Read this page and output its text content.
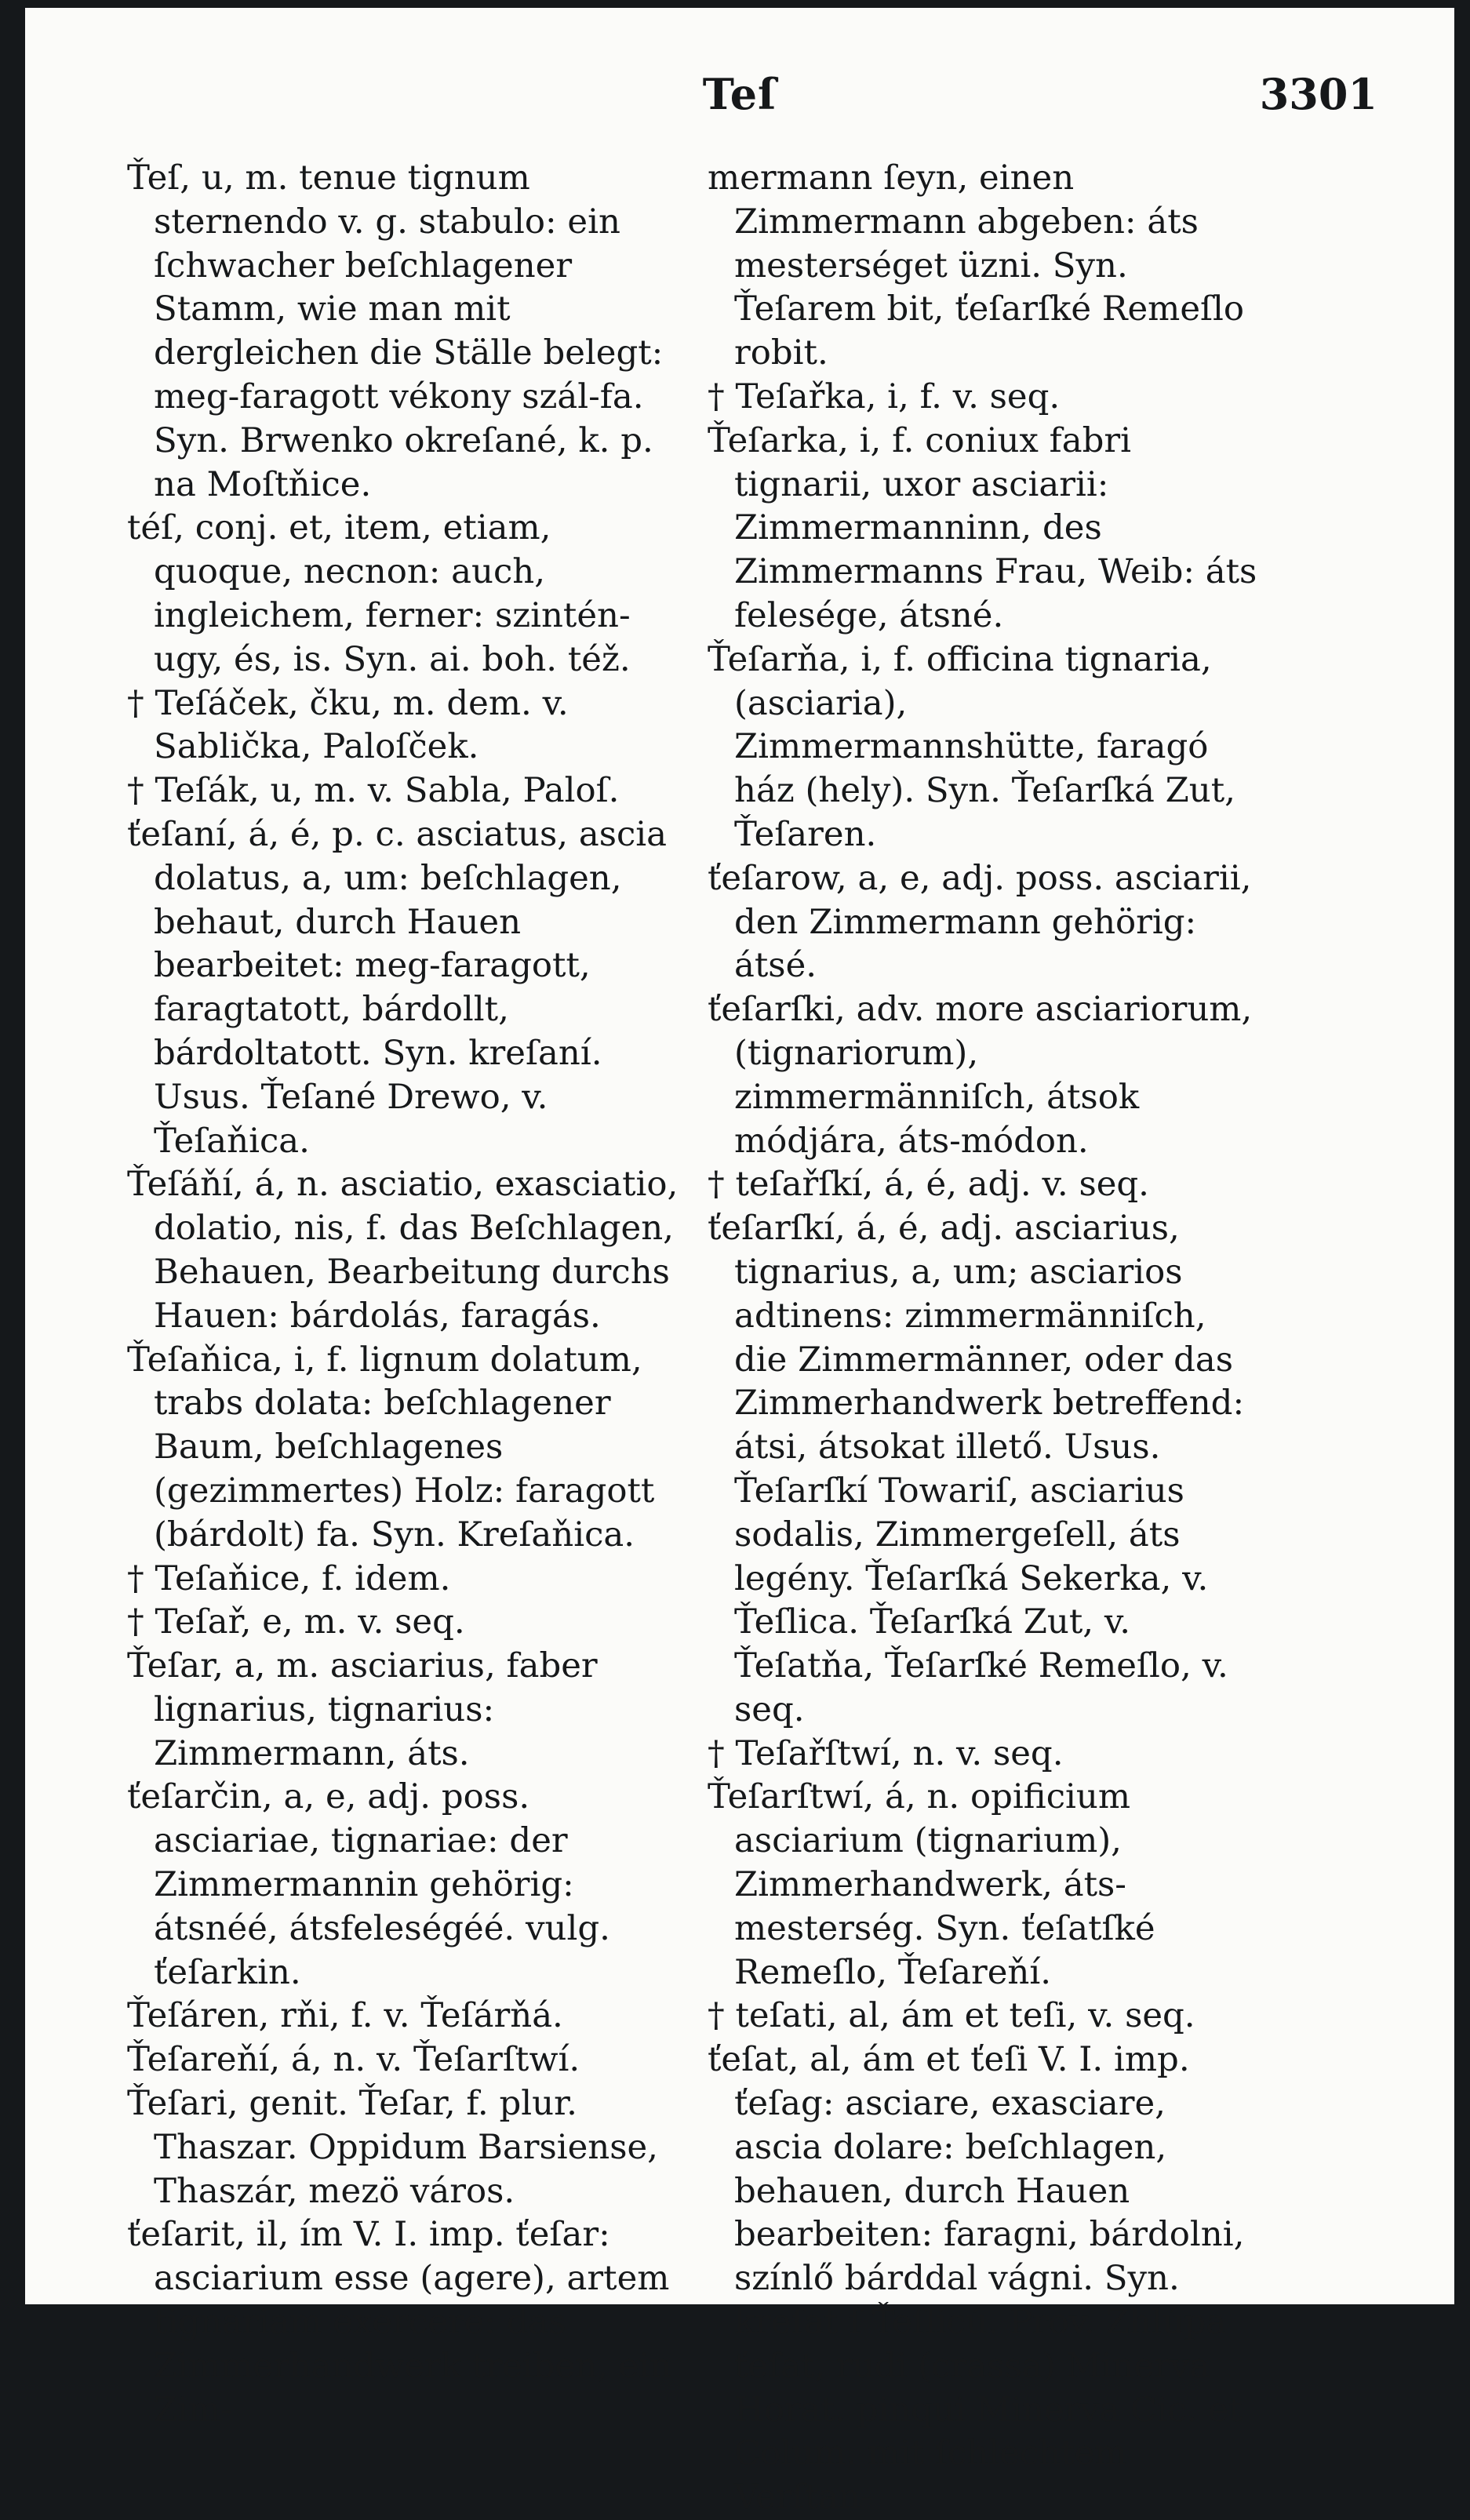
Teſ	3301

Ťeſ, u, m. tenue tignum sternendo v. g. stabulo: ein ſchwacher beſchlagener Stamm, wie man mit dergleichen die Ställe belegt: meg-faragott vékony szál-fa. Syn. Brwenko okreſané, k. p. na Moſtňice.

téſ, conj. et, item, etiam, quoque, necnon: auch, ingleichem, ferner: szintén-ugy, és, is. Syn. ai. boh. též.

† Teſáček, čku, m. dem. v. Sablička, Paloſček.

† Teſák, u, m. v. Sabla, Paloſ.

ťeſaní, á, é, p. c. asciatus, ascia dolatus, a, um: beſchlagen, behaut, durch Hauen bearbeitet: meg-faragott, faragtatott, bárdollt, bárdoltatott. Syn. kreſaní. Usus. Ťeſané Drewo, v. Ťeſaňica.

Ťeſáňí, á, n. asciatio, exasciatio, dolatio, nis, f. das Beſchlagen, Behauen, Bearbeitung durchs Hauen: bárdolás, faragás.

Ťeſaňica, i, f. lignum dolatum, trabs dolata: beſchlagener Baum, beſchlagenes (gezimmertes) Holz: faragott (bárdolt) fa. Syn. Kreſaňica.

† Teſaňice, f. idem.

† Teſař, e, m. v. seq.

Ťeſar, a, m. asciarius, faber lignarius, tignarius: Zimmermann, áts.

ťeſarčin, a, e, adj. poss. asciariae, tignariae: der Zimmermannin gehörig: átsnéé, átsfeleségéé. vulg. ťeſarkin.

Ťeſáren, rňi, f. v. Ťeſárňá.

Ťeſareňí, á, n. v. Ťeſarſtwí.

Ťeſari, genit. Ťeſar, f. plur. Thaszar. Oppidum Barsiense, Thaszár, mezö város.

ťeſarit, il, ím V. I. imp. ťeſar: asciarium esse (agere), artem tignariam exercere: das Zimmerhandwerk treiben, ein Zim-

mermann ſeyn, einen Zimmermann abgeben: áts mesterséget üzni. Syn. Ťeſarem bit, ťeſarſké Remeſlo robit.

† Teſařka, i, f. v. seq.

Ťeſarka, i, f. coniux fabri tignarii, uxor asciarii: Zimmermanninn, des Zimmermanns Frau, Weib: áts felesége, átsné.

Ťeſarňa, i, f. officina tignaria, (asciaria), Zimmermannshütte, faragó ház (hely). Syn. Ťeſarſká Zut, Ťeſaren.

ťeſarow, a, e, adj. poss. asciarii, den Zimmermann gehörig: átsé.

ťeſarſki, adv. more asciariorum, (tignariorum), zimmermänniſch, átsok módjára, áts-módon.

† teſařſkí, á, é, adj. v. seq.

ťeſarſkí, á, é, adj. asciarius, tignarius, a, um; asciarios adtinens: zimmermänniſch, die Zimmermänner, oder das Zimmerhandwerk betreffend: átsi, átsokat illető. Usus. Ťeſarſkí Towariſ, asciarius sodalis, Zimmergeſell, áts legény. Ťeſarſká Sekerka, v. Ťeſlica. Ťeſarſká Zut, v. Ťeſatňa, Ťeſarſké Remeſlo, v. seq.

† Teſařſtwí, n. v. seq.

Ťeſarſtwí, á, n. opificium asciarium (tignarium), Zimmerhandwerk, áts-mesterség. Syn. ťeſatſké Remeſlo, Ťeſareňí.

† teſati, al, ám et teſi, v. seq.

ťeſat, al, ám et ťeſi V. I. imp. ťeſag: asciare, exasciare, ascia dolare: beſchlagen, behauen, durch Hauen bearbeiten: faragni, bárdolni, színlő bárddal vágni. Syn. kreſat ſ Ťeſlicú. Prov. Zhlúpa ťeſat, rudi (crassa) Minerva Horat. pinqui Minerva Cic. et Colum. mit ſchlechtem Verſtan-
